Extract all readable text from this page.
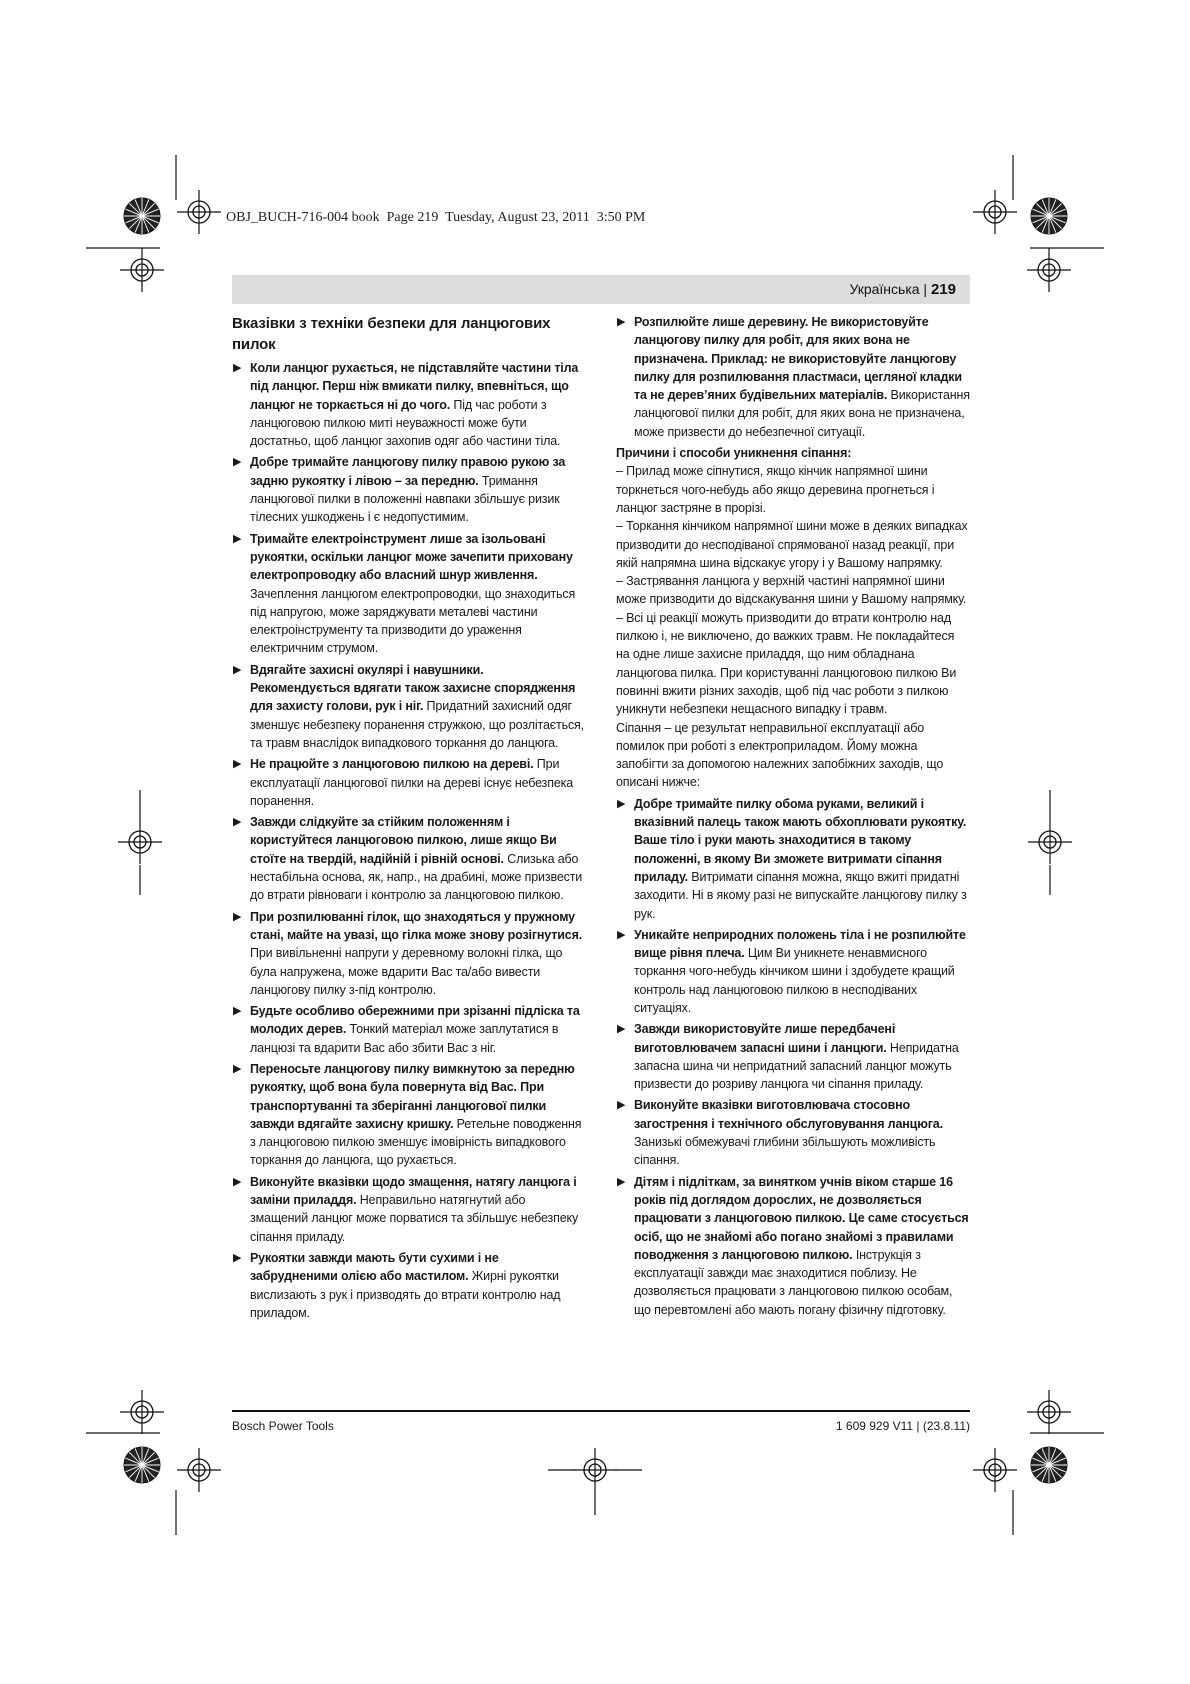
OBJ_BUCH-716-004 book  Page 219  Tuesday, August 23, 2011  3:50 PM
Українська | 219
Вказівки з техніки безпеки для ланцюгових пилок
▶ Коли ланцюг рухається, не підставляйте частини тіла під ланцюг. Перш ніж вмикати пилку, впевніться, що ланцюг не торкається ні до чого. Під час роботи з ланцюговою пилкою миті неуважності може бути достатньо, щоб ланцюг захопив одяг або частини тіла.
▶ Добре тримайте ланцюгову пилку правою рукою за задню рукоятку і лівою – за передню. Тримання ланцюгової пилки в положенні навпаки збільшує ризик тілесних ушкоджень і є недопустимим.
▶ Тримайте електроінструмент лише за ізольовані рукоятки, оскільки ланцюг може зачепити приховану електропроводку або власний шнур живлення. Зачеплення ланцюгом електропроводки, що знаходиться під напругою, може заряджувати металеві частини електроінструменту та призводити до ураження електричним струмом.
▶ Вдягайте захисні окулярі і навушники. Рекомендується вдягати також захисне спорядження для захисту голови, рук і ніг. Придатний захисний одяг зменшує небезпеку поранення стружкою, що розлітається, та травм внаслідок випадкового торкання до ланцюга.
▶ Не працюйте з ланцюговою пилкою на дереві. При експлуатації ланцюгової пилки на дереві існує небезпека поранення.
▶ Завжди слідкуйте за стійким положенням і користуйтеся ланцюговою пилкою, лише якщо Ви стоїте на твердій, надійній і рівній основі. Слизька або нестабільна основа, як, напр., на драбині, може призвести до втрати рівноваги і контролю за ланцюговою пилкою.
▶ При розпилюванні гілок, що знаходяться у пружному стані, майте на увазі, що гілка може знову розігнутися. При вивільненні напруги у деревному волокні гілка, що була напружена, може вдарити Вас та/або вивести ланцюгову пилку з-під контролю.
▶ Будьте особливо обережними при зрізанні підліска та молодих дерев. Тонкий матеріал може заплутатися в ланцюзі та вдарити Вас або збити Вас з ніг.
▶ Переносьте ланцюгову пилку вимкнутою за передню рукоятку, щоб вона була повернута від Вас. При транспортуванні та зберіганні ланцюгової пилки завжди вдягайте захисну кришку. Ретельне поводження з ланцюговою пилкою зменшує імовірність випадкового торкання до ланцюга, що рухається.
▶ Виконуйте вказівки щодо змащення, натягу ланцюга і заміни приладдя. Неправильно натягнутий або змащений ланцюг може порватися та збільшує небезпеку сіпання приладу.
▶ Рукоятки завжди мають бути сухими і не забрудненими олією або мастилом. Жирні рукоятки вислизають з рук і призводять до втрати контролю над приладом.
▶ Розпилюйте лише деревину. Не використовуйте ланцюгову пилку для робіт, для яких вона не призначена. Приклад: не використовуйте ланцюгову пилку для розпилювання пластмаси, цегляної кладки та не дерев’яних будівельних матеріалів. Використання ланцюгової пилки для робіт, для яких вона не призначена, може призвести до небезпечної ситуації.
Причини і способи уникнення сіпання:

– Прилад може сіпнутися, якщо кінчик напрямної шини торкнеться чого-небудь або якщо деревина прогнеться і ланцюг застряне в прорізі.

– Торкання кінчиком напрямної шини може в деяких випадках призводити до несподіваної спрямованої назад реакції, при якій напрямна шина відскакує угору і у Вашому напрямку.

– Застрявання ланцюга у верхній частині напрямної шини може призводити до відскакування шини у Вашому напрямку.

– Всі ці реакції можуть призводити до втрати контролю над пилкою і, не виключено, до важких травм. Не покладайтеся на одне лише захисне приладдя, що ним обладнана ланцюгова пилка. При користуванні ланцюговою пилкою Ви повинні вжити різних заходів, щоб під час роботи з пилкою уникнути небезпеки нещасного випадку і травм.

Сіпання – це результат неправильної експлуатації або помилок при роботі з електроприладом. Йому можна запобігти за допомогою належних запобіжних заходів, що описані нижче:

▶ Добре тримайте пилку обома руками, великий і вказівний палець також мають обхоплювати рукоятку. Ваше тіло і руки мають знаходитися в такому положенні, в якому Ви зможете витримати сіпання приладу. Витримати сіпання можна, якщо вжиті придатні заходити. Ні в якому разі не випускайте ланцюгову пилку з рук.
▶ Уникайте неприродних положень тіла і не розпилюйте вище рівня плеча. Цим Ви уникнете ненавмисного торкання чого-небудь кінчиком шини і здобудете кращий контроль над ланцюговою пилкою в несподіваних ситуаціях.
▶ Завжди використовуйте лише передбачені виготовлювачем запасні шини і ланцюги. Непридатна запасна шина чи непридатний запасний ланцюг можуть призвести до розриву ланцюга чи сіпання приладу.
▶ Виконуйте вказівки виготовлювача стосовно загострення і технічного обслуговування ланцюга. Занизькі обмежувачі глибини збільшують можливість сіпання.
▶ Дітям і підліткам, за винятком учнів віком старше 16 років під доглядом дорослих, не дозволяється працювати з ланцюговою пилкою. Це саме стосується осіб, що не знайомі або погано знайомі з правилами поводження з ланцюговою пилкою. Інструкція з експлуатації завжди має знаходитися поблизу. Не дозволяється працювати з ланцюговою пилкою особам, що перевтомлені або мають погану фізичну підготовку.
Bosch Power Tools	1 609 929 V11 | (23.8.11)
